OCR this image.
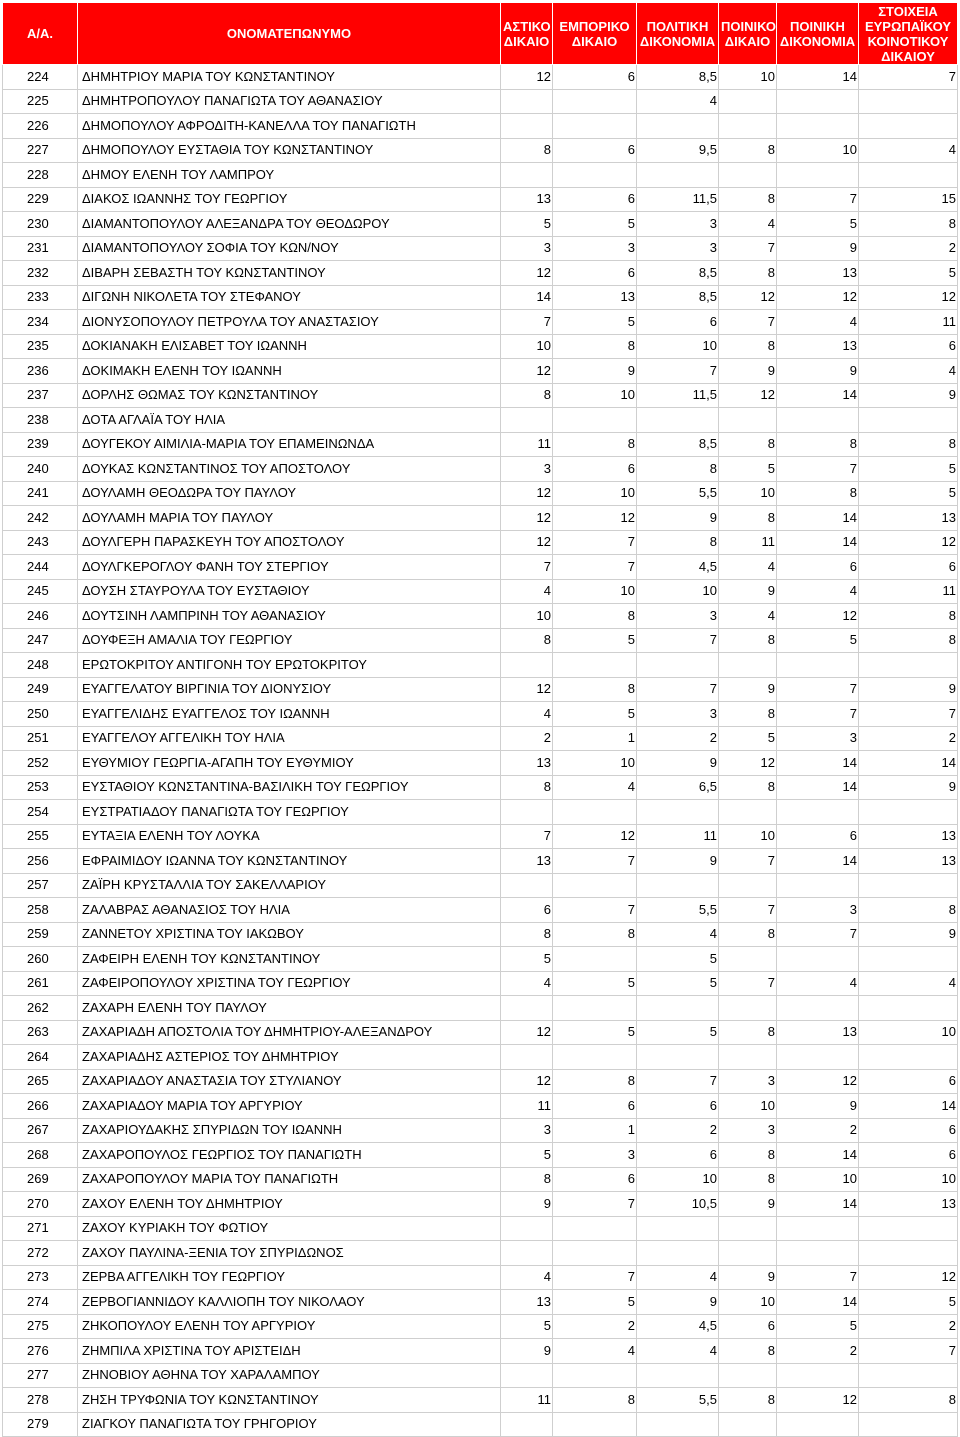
Α/Α.	ΟΝΟΜΑΤΕΠΩΝΥΜΟ	ΑΣΤΙΚΟ ΔΙΚΑΙΟ	ΕΜΠΟΡΙΚΟ ΔΙΚΑΙΟ	ΠΟΛΙΤΙΚΗ ΔΙΚΟΝΟΜΙΑ	ΠΟΙΝΙΚΟ ΔΙΚΑΙΟ	ΠΟΙΝΙΚΗ ΔΙΚΟΝΟΜΙΑ	ΣΤΟΙΧΕΙΑ ΕΥΡΩΠΑΪΚΟΥ ΚΟΙΝΟΤΙΚΟΥ ΔΙΚΑΙΟΥ
224	ΔΗΜΗΤΡΙΟΥ ΜΑΡΙΑ ΤΟΥ ΚΩΝΣΤΑΝΤΙΝΟΥ	12	6	8,5	10	14	7
225	ΔΗΜΗΤΡΟΠΟΥΛΟΥ ΠΑΝΑΓΙΩΤΑ ΤΟΥ ΑΘΑΝΑΣΙΟΥ			4			
226	ΔΗΜΟΠΟΥΛΟΥ ΑΦΡΟΔΙΤΗ-ΚΑΝΕΛΛΑ ΤΟΥ ΠΑΝΑΓΙΩΤΗ						
227	ΔΗΜΟΠΟΥΛΟΥ ΕΥΣΤΑΘΙΑ ΤΟΥ ΚΩΝΣΤΑΝΤΙΝΟΥ	8	6	9,5	8	10	4
228	ΔΗΜΟΥ ΕΛΕΝΗ ΤΟΥ ΛΑΜΠΡΟΥ						
229	ΔΙΑΚΟΣ ΙΩΑΝΝΗΣ ΤΟΥ ΓΕΩΡΓΙΟΥ	13	6	11,5	8	7	15
230	ΔΙΑΜΑΝΤΟΠΟΥΛΟΥ ΑΛΕΞΑΝΔΡΑ ΤΟΥ ΘΕΟΔΩΡΟΥ	5	5	3	4	5	8
231	ΔΙΑΜΑΝΤΟΠΟΥΛΟΥ ΣΟΦΙΑ ΤΟΥ ΚΩΝ/ΝΟΥ	3	3	3	7	9	2
232	ΔΙΒΑΡΗ ΣΕΒΑΣΤΗ ΤΟΥ ΚΩΝΣΤΑΝΤΙΝΟΥ	12	6	8,5	8	13	5
233	ΔΙΓΩΝΗ ΝΙΚΟΛΕΤΑ ΤΟΥ ΣΤΕΦΑΝΟΥ	14	13	8,5	12	12	12
234	ΔΙΟΝΥΣΟΠΟΥΛΟΥ ΠΕΤΡΟΥΛΑ ΤΟΥ ΑΝΑΣΤΑΣΙΟΥ	7	5	6	7	4	11
235	ΔΟΚΙΑΝΑΚΗ ΕΛΙΣΑΒΕΤ ΤΟΥ ΙΩΑΝΝΗ	10	8	10	8	13	6
236	ΔΟΚΙΜΑΚΗ ΕΛΕΝΗ ΤΟΥ ΙΩΑΝΝΗ	12	9	7	9	9	4
237	ΔΟΡΛΗΣ ΘΩΜΑΣ ΤΟΥ ΚΩΝΣΤΑΝΤΙΝΟΥ	8	10	11,5	12	14	9
238	ΔΟΤΑ ΑΓΛΑΪΑ ΤΟΥ ΗΛΙΑ						
239	ΔΟΥΓΕΚΟΥ ΑΙΜΙΛΙΑ-ΜΑΡΙΑ ΤΟΥ ΕΠΑΜΕΙΝΩΝΔΑ	11	8	8,5	8	8	8
240	ΔΟΥΚΑΣ ΚΩΝΣΤΑΝΤΙΝΟΣ ΤΟΥ ΑΠΟΣΤΟΛΟΥ	3	6	8	5	7	5
241	ΔΟΥΛΑΜΗ ΘΕΟΔΩΡΑ ΤΟΥ ΠΑΥΛΟΥ	12	10	5,5	10	8	5
242	ΔΟΥΛΑΜΗ ΜΑΡΙΑ ΤΟΥ ΠΑΥΛΟΥ	12	12	9	8	14	13
243	ΔΟΥΛΓΕΡΗ ΠΑΡΑΣΚΕΥΗ ΤΟΥ ΑΠΟΣΤΟΛΟΥ	12	7	8	11	14	12
244	ΔΟΥΛΓΚΕΡΟΓΛΟΥ ΦΑΝΗ ΤΟΥ ΣΤΕΡΓΙΟΥ	7	7	4,5	4	6	6
245	ΔΟΥΣΗ ΣΤΑΥΡΟΥΛΑ ΤΟΥ ΕΥΣΤΑΘΙΟΥ	4	10	10	9	4	11
246	ΔΟΥΤΣΙΝΗ ΛΑΜΠΡΙΝΗ ΤΟΥ ΑΘΑΝΑΣΙΟΥ	10	8	3	4	12	8
247	ΔΟΥΦΕΞΗ ΑΜΑΛΙΑ ΤΟΥ ΓΕΩΡΓΙΟΥ	8	5	7	8	5	8
248	ΕΡΩΤΟΚΡΙΤΟΥ ΑΝΤΙΓΟΝΗ ΤΟΥ ΕΡΩΤΟΚΡΙΤΟΥ						
249	ΕΥΑΓΓΕΛΑΤΟΥ ΒΙΡΓΙΝΙΑ ΤΟΥ ΔΙΟΝΥΣΙΟΥ	12	8	7	9	7	9
250	ΕΥΑΓΓΕΛΙΔΗΣ ΕΥΑΓΓΕΛΟΣ ΤΟΥ ΙΩΑΝΝΗ	4	5	3	8	7	7
251	ΕΥΑΓΓΕΛΟΥ ΑΓΓΕΛΙΚΗ ΤΟΥ ΗΛΙΑ	2	1	2	5	3	2
252	ΕΥΘΥΜΙΟΥ ΓΕΩΡΓΙΑ-ΑΓΑΠΗ ΤΟΥ ΕΥΘΥΜΙΟΥ	13	10	9	12	14	14
253	ΕΥΣΤΑΘΙΟΥ ΚΩΝΣΤΑΝΤΙΝΑ-ΒΑΣΙΛΙΚΗ ΤΟΥ ΓΕΩΡΓΙΟΥ	8	4	6,5	8	14	9
254	ΕΥΣΤΡΑΤΙΑΔΟΥ ΠΑΝΑΓΙΩΤΑ ΤΟΥ ΓΕΩΡΓΙΟΥ						
255	ΕΥΤΑΞΙΑ ΕΛΕΝΗ ΤΟΥ ΛΟΥΚΑ	7	12	11	10	6	13
256	ΕΦΡΑΙΜΙΔΟΥ ΙΩΑΝΝΑ ΤΟΥ ΚΩΝΣΤΑΝΤΙΝΟΥ	13	7	9	7	14	13
257	ΖΑΪΡΗ ΚΡΥΣΤΑΛΛΙΑ ΤΟΥ ΣΑΚΕΛΛΑΡΙΟΥ						
258	ΖΑΛΑΒΡΑΣ ΑΘΑΝΑΣΙΟΣ ΤΟΥ ΗΛΙΑ	6	7	5,5	7	3	8
259	ΖΑΝΝΕΤΟΥ ΧΡΙΣΤΙΝΑ ΤΟΥ ΙΑΚΩΒΟΥ	8	8	4	8	7	9
260	ΖΑΦΕΙΡΗ ΕΛΕΝΗ ΤΟΥ ΚΩΝΣΤΑΝΤΙΝΟΥ	5		5			
261	ΖΑΦΕΙΡΟΠΟΥΛΟΥ ΧΡΙΣΤΙΝΑ ΤΟΥ ΓΕΩΡΓΙΟΥ	4	5	5	7	4	4
262	ΖΑΧΑΡΗ ΕΛΕΝΗ ΤΟΥ ΠΑΥΛΟΥ						
263	ΖΑΧΑΡΙΑΔΗ ΑΠΟΣΤΟΛΙΑ ΤΟΥ ΔΗΜΗΤΡΙΟΥ-ΑΛΕΞΑΝΔΡΟΥ	12	5	5	8	13	10
264	ΖΑΧΑΡΙΑΔΗΣ ΑΣΤΕΡΙΟΣ ΤΟΥ ΔΗΜΗΤΡΙΟΥ						
265	ΖΑΧΑΡΙΑΔΟΥ ΑΝΑΣΤΑΣΙΑ ΤΟΥ ΣΤΥΛΙΑΝΟΥ	12	8	7	3	12	6
266	ΖΑΧΑΡΙΑΔΟΥ ΜΑΡΙΑ ΤΟΥ ΑΡΓΥΡΙΟΥ	11	6	6	10	9	14
267	ΖΑΧΑΡΙΟΥΔΑΚΗΣ ΣΠΥΡΙΔΩΝ ΤΟΥ ΙΩΑΝΝΗ	3	1	2	3	2	6
268	ΖΑΧΑΡΟΠΟΥΛΟΣ ΓΕΩΡΓΙΟΣ ΤΟΥ ΠΑΝΑΓΙΩΤΗ	5	3	6	8	14	6
269	ΖΑΧΑΡΟΠΟΥΛΟΥ ΜΑΡΙΑ ΤΟΥ ΠΑΝΑΓΙΩΤΗ	8	6	10	8	10	10
270	ΖΑΧΟΥ ΕΛΕΝΗ ΤΟΥ ΔΗΜΗΤΡΙΟΥ	9	7	10,5	9	14	13
271	ΖΑΧΟΥ ΚΥΡΙΑΚΗ ΤΟΥ ΦΩΤΙΟΥ						
272	ΖΑΧΟΥ ΠΑΥΛΙΝΑ-ΞΕΝΙΑ ΤΟΥ ΣΠΥΡΙΔΩΝΟΣ						
273	ΖΕΡΒΑ ΑΓΓΕΛΙΚΗ ΤΟΥ ΓΕΩΡΓΙΟΥ	4	7	4	9	7	12
274	ΖΕΡΒΟΓΙΑΝΝΙΔΟΥ ΚΑΛΛΙΟΠΗ ΤΟΥ ΝΙΚΟΛΑΟΥ	13	5	9	10	14	5
275	ΖΗΚΟΠΟΥΛΟΥ ΕΛΕΝΗ ΤΟΥ ΑΡΓΥΡΙΟΥ	5	2	4,5	6	5	2
276	ΖΗΜΠΙΛΑ ΧΡΙΣΤΙΝΑ ΤΟΥ ΑΡΙΣΤΕΙΔΗ	9	4	4	8	2	7
277	ΖΗΝΟΒΙΟΥ ΑΘΗΝΑ ΤΟΥ ΧΑΡΑΛΑΜΠΟΥ						
278	ΖΗΣΗ ΤΡΥΦΩΝΙΑ ΤΟΥ ΚΩΝΣΤΑΝΤΙΝΟΥ	11	8	5,5	8	12	8
279	ΖΙΑΓΚΟΥ ΠΑΝΑΓΙΩΤΑ ΤΟΥ ΓΡΗΓΟΡΙΟΥ						
